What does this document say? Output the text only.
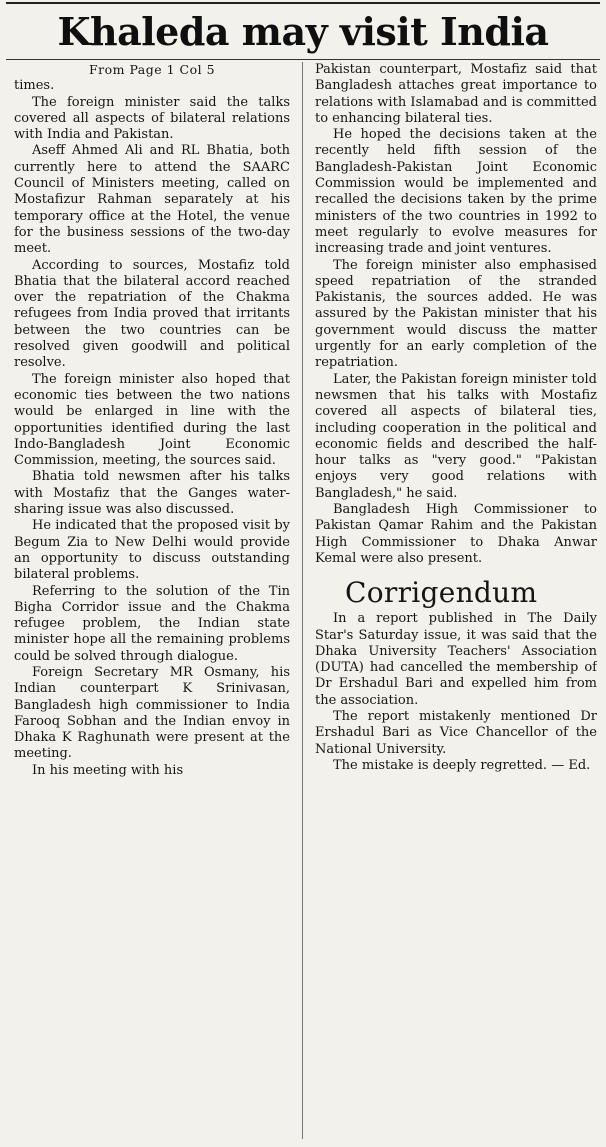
Khaleda may visit India

From Page 1 Col 5

times.

The foreign minister said the talks covered all aspects of bilateral relations with India and Pakistan.

Aseff Ahmed Ali and RL Bhatia, both currently here to attend the SAARC Council of Ministers meeting, called on Mostafizur Rahman separately at his temporary office at the Hotel, the venue for the business sessions of the two-day meet.

According to sources, Mostafiz told Bhatia that the bilateral accord reached over the repatriation of the Chakma refugees from India proved that irritants between the two countries can be resolved given goodwill and political resolve.

The foreign minister also hoped that economic ties between the two nations would be enlarged in line with the opportunities identified during the last Indo-Bangladesh Joint Economic Commission, meeting, the sources said.

Bhatia told newsmen after his talks with Mostafiz that the Ganges water-sharing issue was also discussed.

He indicated that the proposed visit by Begum Zia to New Delhi would provide an opportunity to discuss outstanding bilateral problems.

Referring to the solution of the Tin Bigha Corridor issue and the Chakma refugee problem, the Indian state minister hope all the remaining problems could be solved through dialogue.

Foreign Secretary MR Osmany, his Indian counterpart K Srinivasan, Bangladesh high commissioner to India Farooq Sobhan and the Indian envoy in Dhaka K Raghunath were present at the meeting.

In his meeting with his

Pakistan counterpart, Mostafiz said that Bangladesh attaches great importance to relations with Islamabad and is committed to enhancing bilateral ties.

He hoped the decisions taken at the recently held fifth session of the Bangladesh-Pakistan Joint Economic Commission would be implemented and recalled the decisions taken by the prime ministers of the two countries in 1992 to meet regularly to evolve measures for increasing trade and joint ventures.

The foreign minister also emphasised speed repatriation of the stranded Pakistanis, the sources added. He was assured by the Pakistan minister that his government would discuss the matter urgently for an early completion of the repatriation.

Later, the Pakistan foreign minister told newsmen that his talks with Mostafiz covered all aspects of bilateral ties, including cooperation in the political and economic fields and described the half-hour talks as "very good." "Pakistan enjoys very good relations with Bangladesh," he said.

Bangladesh High Commissioner to Pakistan Qamar Rahim and the Pakistan High Commissioner to Dhaka Anwar Kemal were also present.

Corrigendum

In a report published in The Daily Star's Saturday issue, it was said that the Dhaka University Teachers' Association (DUTA) had cancelled the membership of Dr Ershadul Bari and expelled him from the association.

The report mistakenly mentioned Dr Ershadul Bari as Vice Chancellor of the National University.

The mistake is deeply regretted. — Ed.
